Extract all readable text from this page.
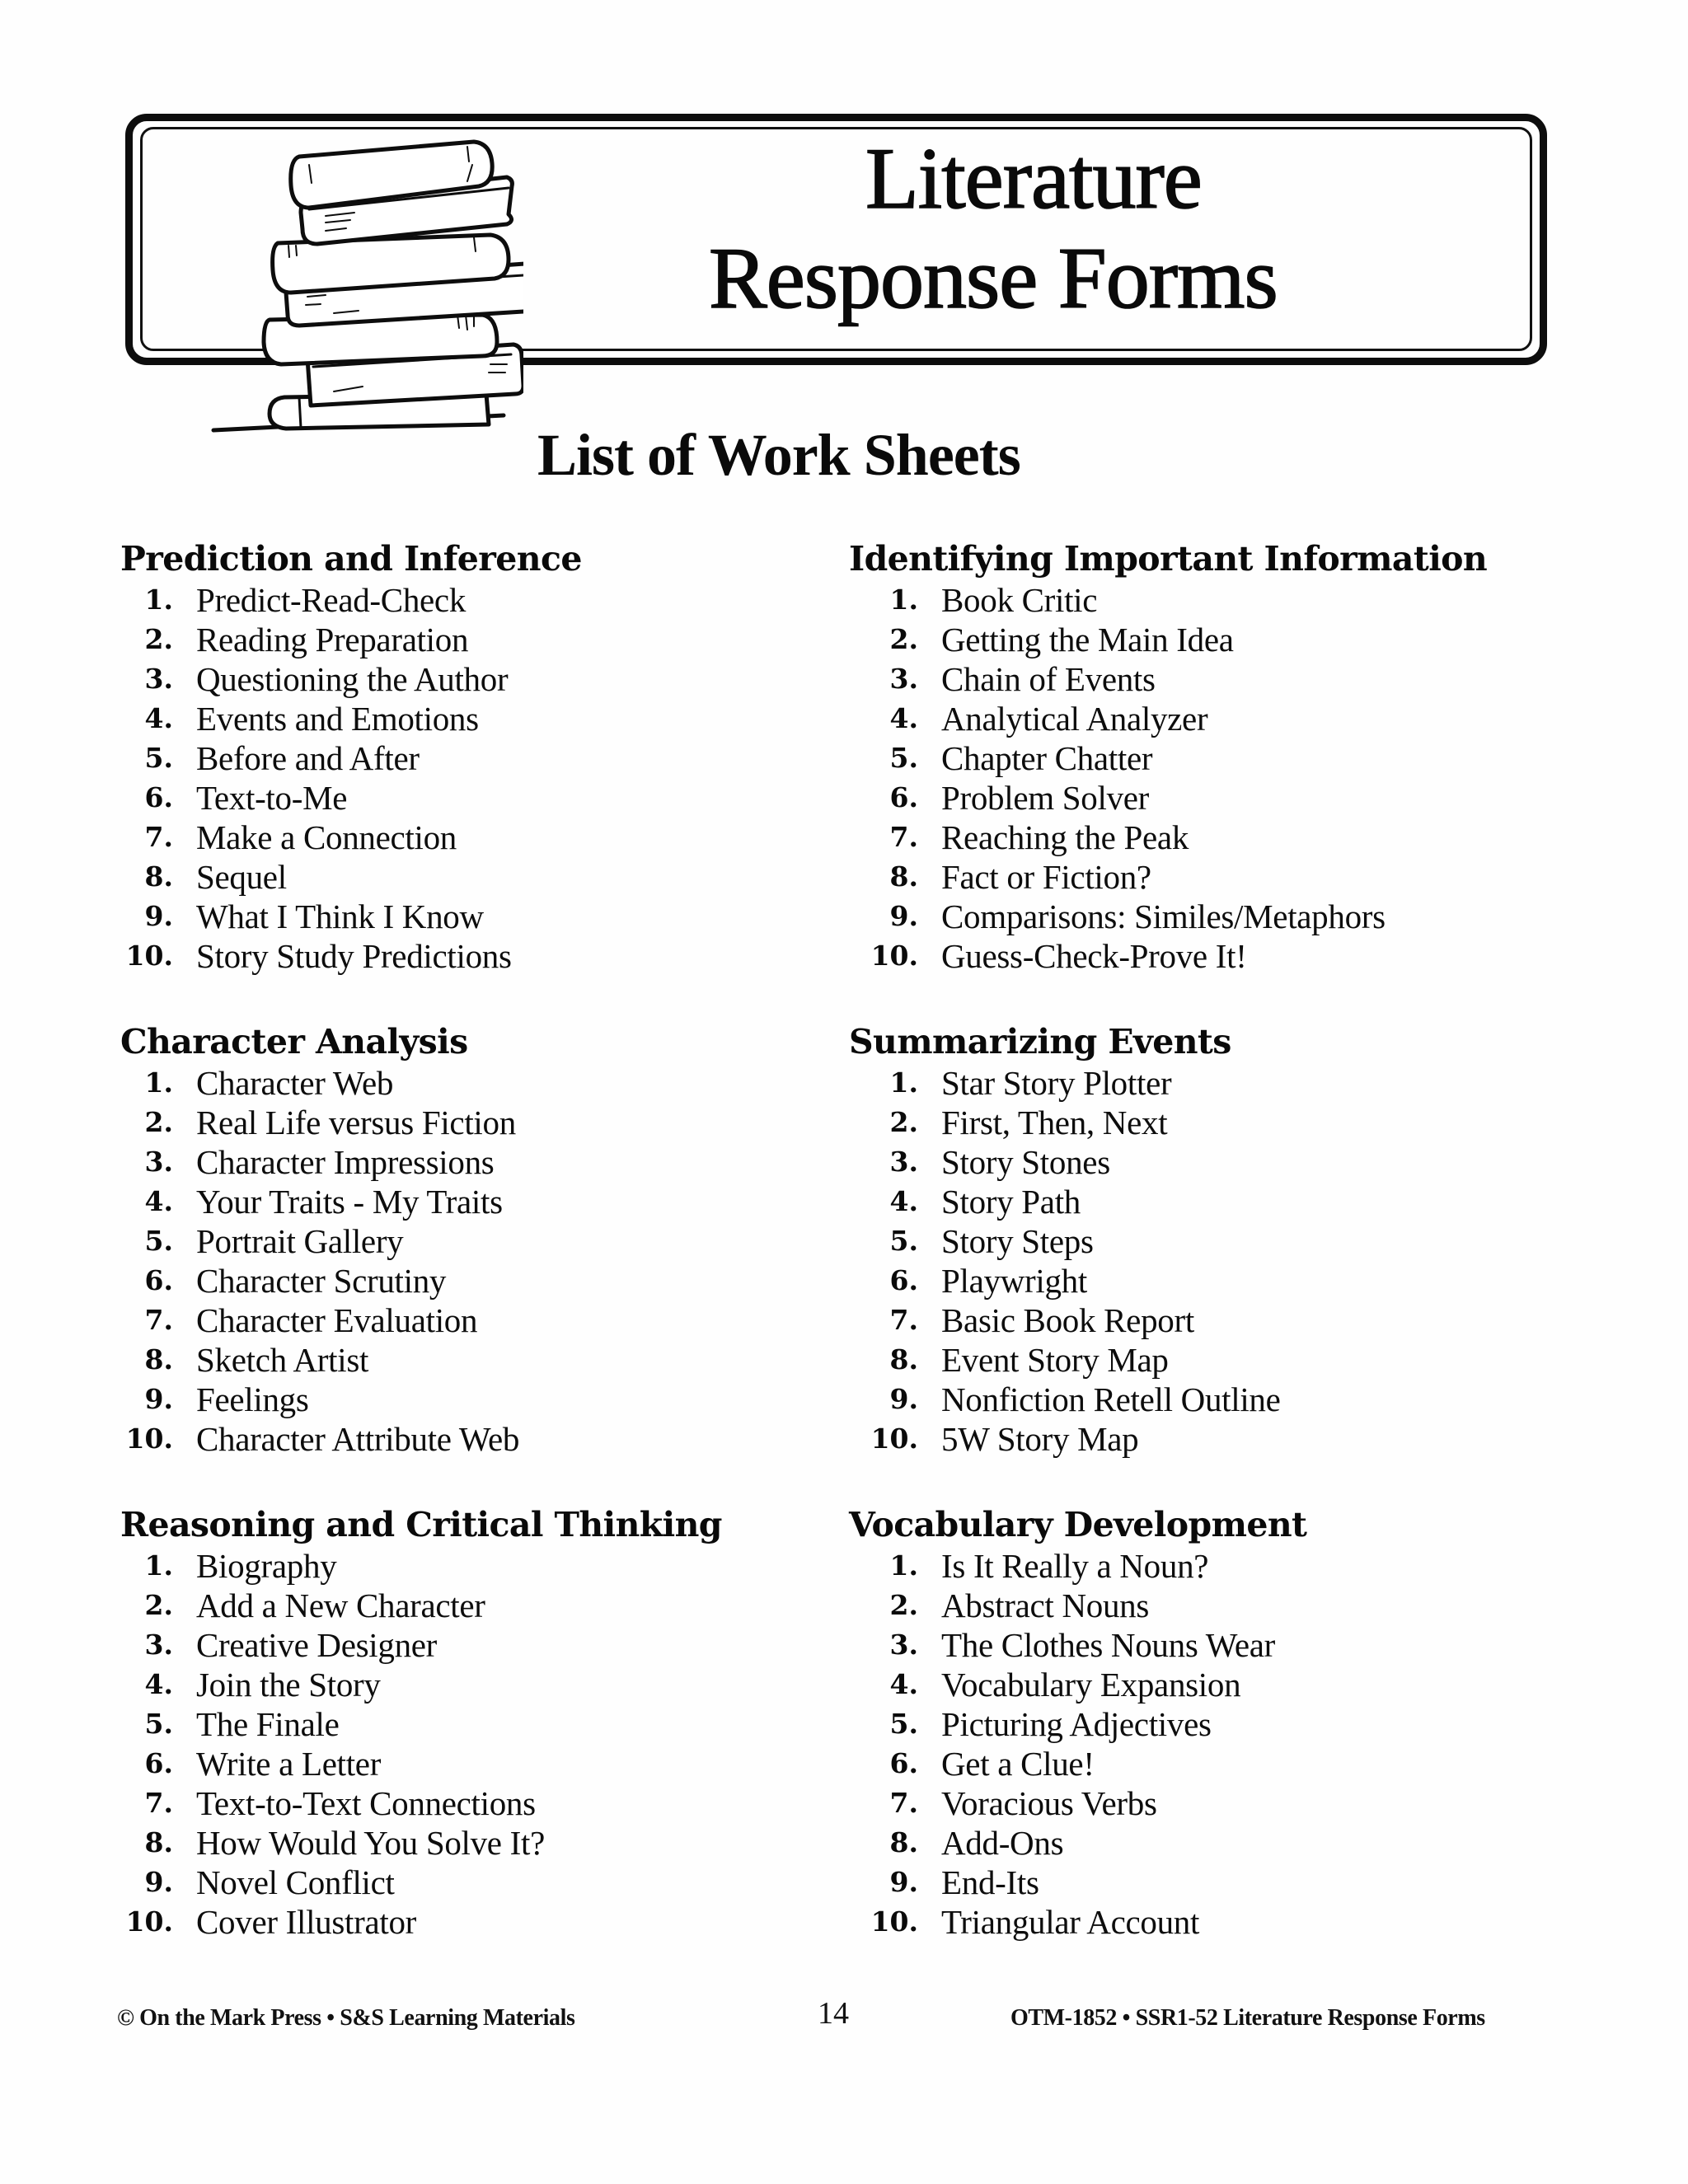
Literature
Response Forms
List of Work Sheets
Prediction and Inference
1. Predict-Read-Check
2. Reading Preparation
3. Questioning the Author
4. Events and Emotions
5. Before and After
6. Text-to-Me
7. Make a Connection
8. Sequel
9. What I Think I Know
10. Story Study Predictions
Identifying Important Information
1. Book Critic
2. Getting the Main Idea
3. Chain of Events
4. Analytical Analyzer
5. Chapter Chatter
6. Problem Solver
7. Reaching the Peak
8. Fact or Fiction?
9. Comparisons: Similes/Metaphors
10. Guess-Check-Prove It!
Character Analysis
1. Character Web
2. Real Life versus Fiction
3. Character Impressions
4. Your Traits - My Traits
5. Portrait Gallery
6. Character Scrutiny
7. Character Evaluation
8. Sketch Artist
9. Feelings
10. Character Attribute Web
Summarizing Events
1. Star Story Plotter
2. First, Then, Next
3. Story Stones
4. Story Path
5. Story Steps
6. Playwright
7. Basic Book Report
8. Event Story Map
9. Nonfiction Retell Outline
10. 5W Story Map
Reasoning and Critical Thinking
1. Biography
2. Add a New Character
3. Creative Designer
4. Join the Story
5. The Finale
6. Write a Letter
7. Text-to-Text Connections
8. How Would You Solve It?
9. Novel Conflict
10. Cover Illustrator
Vocabulary Development
1. Is It Really a Noun?
2. Abstract Nouns
3. The Clothes Nouns Wear
4. Vocabulary Expansion
5. Picturing Adjectives
6. Get a Clue!
7. Voracious Verbs
8. Add-Ons
9. End-Its
10. Triangular Account
© On the Mark Press • S&S Learning Materials	14	OTM-1852 • SSR1-52 Literature Response Forms
